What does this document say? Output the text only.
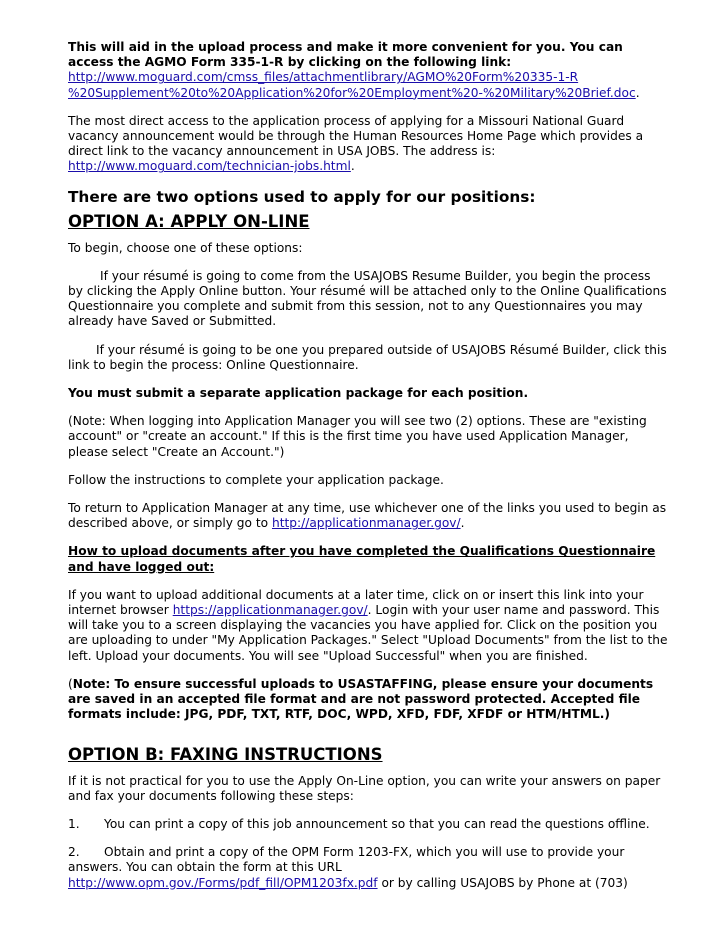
This will aid in the upload process and make it more convenient for you. You can
access the AGMO Form 335-1-R by clicking on the following link:
http://www.moguard.com/cmss_files/attachmentlibrary/AGMO%20Form%20335-1-R
%20Supplement%20to%20Application%20for%20Employment%20-%20Military%20Brief.doc.

The most direct access to the application process of applying for a Missouri National Guard vacancy announcement would be through the Human Resources Home Page which provides a direct link to the vacancy announcement in USA JOBS. The address is:
http://www.moguard.com/technician-jobs.html.

There are two options used to apply for our positions:
OPTION A: APPLY ON-LINE

To begin, choose one of these options:

If your résumé is going to come from the USAJOBS Resume Builder, you begin the process by clicking the Apply Online button. Your résumé will be attached only to the Online Qualifications Questionnaire you complete and submit from this session, not to any Questionnaires you may already have Saved or Submitted.

If your résumé is going to be one you prepared outside of USAJOBS Résumé Builder, click this link to begin the process: Online Questionnaire.

You must submit a separate application package for each position.

(Note: When logging into Application Manager you will see two (2) options. These are "existing account" or "create an account." If this is the first time you have used Application Manager, please select "Create an Account.")

Follow the instructions to complete your application package.

To return to Application Manager at any time, use whichever one of the links you used to begin as described above, or simply go to http://applicationmanager.gov/.

How to upload documents after you have completed the Qualifications Questionnaire and have logged out:

If you want to upload additional documents at a later time, click on or insert this link into your internet browser https://applicationmanager.gov/. Login with your user name and password. This will take you to a screen displaying the vacancies you have applied for. Click on the position you are uploading to under "My Application Packages." Select "Upload Documents" from the list to the left. Upload your documents. You will see "Upload Successful" when you are finished.

(Note: To ensure successful uploads to USASTAFFING, please ensure your documents are saved in an accepted file format and are not password protected. Accepted file formats include: JPG, PDF, TXT, RTF, DOC, WPD, XFD, FDF, XFDF or HTM/HTML.)

OPTION B: FAXING INSTRUCTIONS

If it is not practical for you to use the Apply On-Line option, you can write your answers on paper and fax your documents following these steps:

1. You can print a copy of this job announcement so that you can read the questions offline.

2. Obtain and print a copy of the OPM Form 1203-FX, which you will use to provide your answers. You can obtain the form at this URL
http://www.opm.gov./Forms/pdf_fill/OPM1203fx.pdf or by calling USAJOBS by Phone at (703)
